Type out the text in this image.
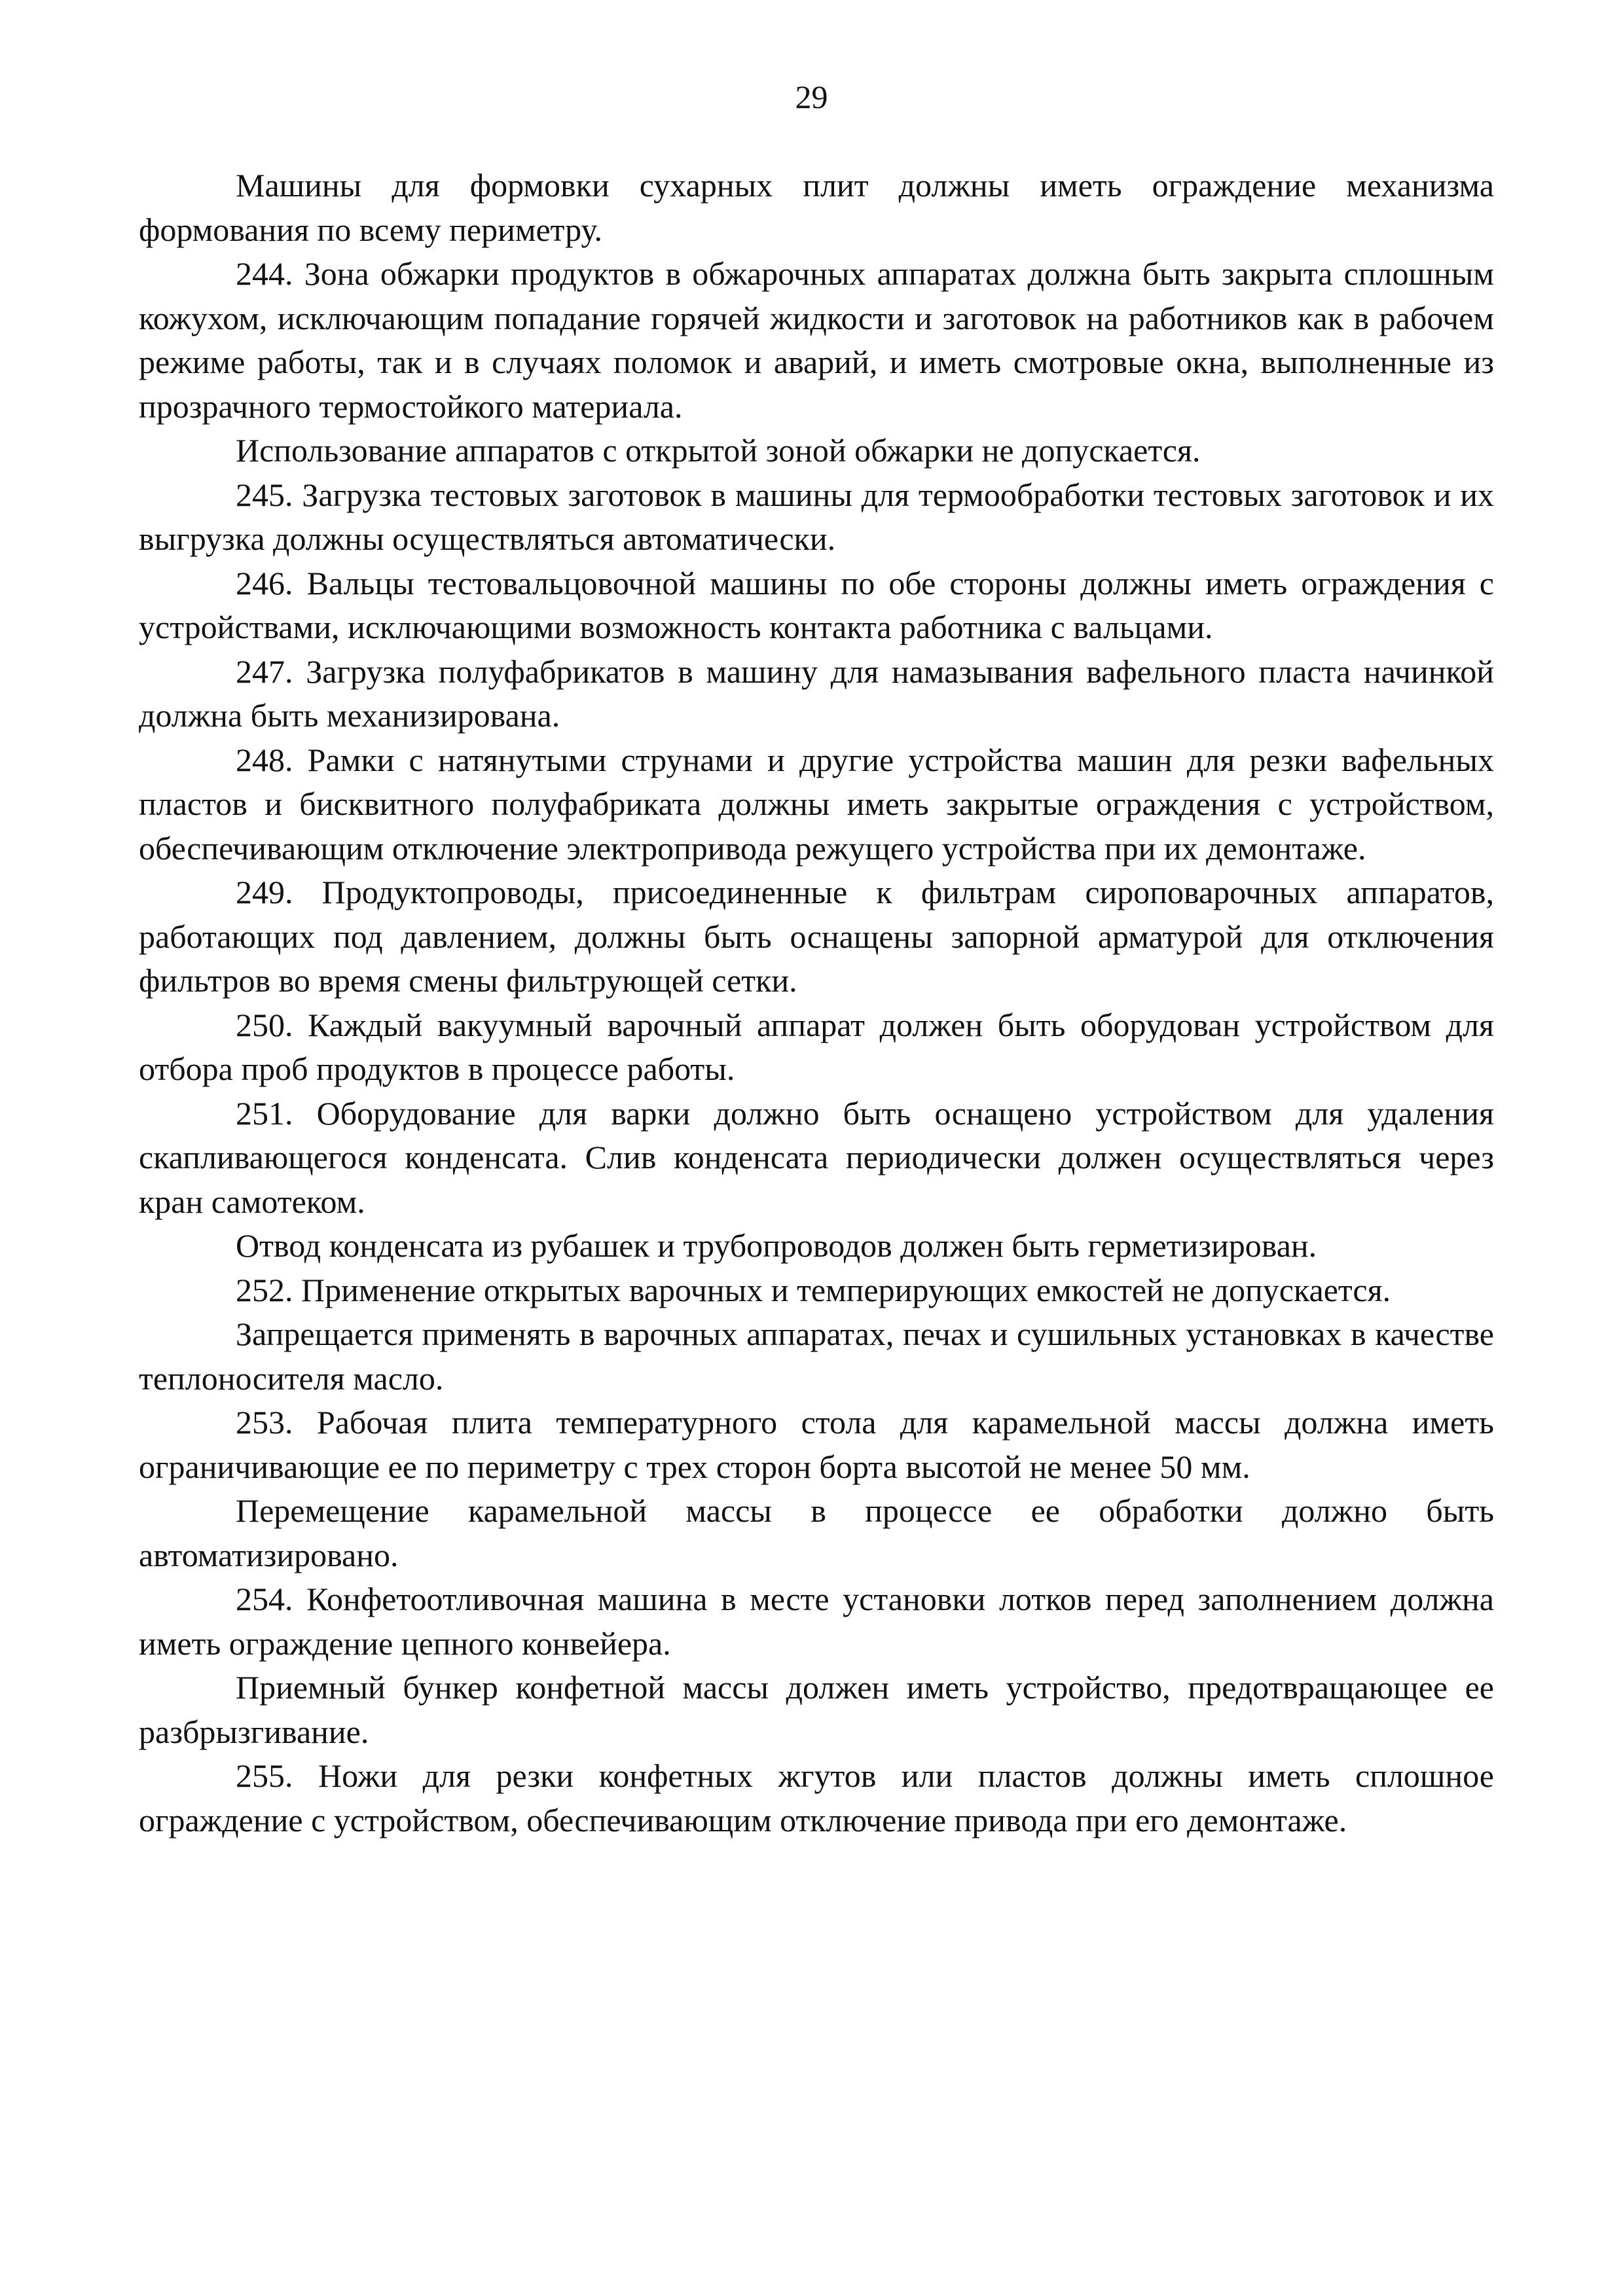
29

Машины для формовки сухарных плит должны иметь ограждение механизма формования по всему периметру.

244. Зона обжарки продуктов в обжарочных аппаратах должна быть закрыта сплошным кожухом, исключающим попадание горячей жидкости и заготовок на работников как в рабочем режиме работы, так и в случаях поломок и аварий, и иметь смотровые окна, выполненные из прозрачного термостойкого материала.

Использование аппаратов с открытой зоной обжарки не допускается.

245. Загрузка тестовых заготовок в машины для термообработки тестовых заготовок и их выгрузка должны осуществляться автоматически.

246. Вальцы тестовальцовочной машины по обе стороны должны иметь ограждения с устройствами, исключающими возможность контакта работника с вальцами.

247. Загрузка полуфабрикатов в машину для намазывания вафельного пласта начинкой должна быть механизирована.

248. Рамки с натянутыми струнами и другие устройства машин для резки вафельных пластов и бисквитного полуфабриката должны иметь закрытые ограждения с устройством, обеспечивающим отключение электропривода режущего устройства при их демонтаже.

249. Продуктопроводы, присоединенные к фильтрам сироповарочных аппаратов, работающих под давлением, должны быть оснащены запорной арматурой для отключения фильтров во время смены фильтрующей сетки.

250. Каждый вакуумный варочный аппарат должен быть оборудован устройством для отбора проб продуктов в процессе работы.

251. Оборудование для варки должно быть оснащено устройством для удаления скапливающегося конденсата. Слив конденсата периодически должен осуществляться через кран самотеком.

Отвод конденсата из рубашек и трубопроводов должен быть герметизирован.

252. Применение открытых варочных и темперирующих емкостей не допускается.

Запрещается применять в варочных аппаратах, печах и сушильных установках в качестве теплоносителя масло.

253. Рабочая плита температурного стола для карамельной массы должна иметь ограничивающие ее по периметру с трех сторон борта высотой не менее 50 мм.

Перемещение карамельной массы в процессе ее обработки должно быть автоматизировано.

254. Конфетоотливочная машина в месте установки лотков перед заполнением должна иметь ограждение цепного конвейера.

Приемный бункер конфетной массы должен иметь устройство, предотвращающее ее разбрызгивание.

255. Ножи для резки конфетных жгутов или пластов должны иметь сплошное ограждение с устройством, обеспечивающим отключение привода при его демонтаже.
